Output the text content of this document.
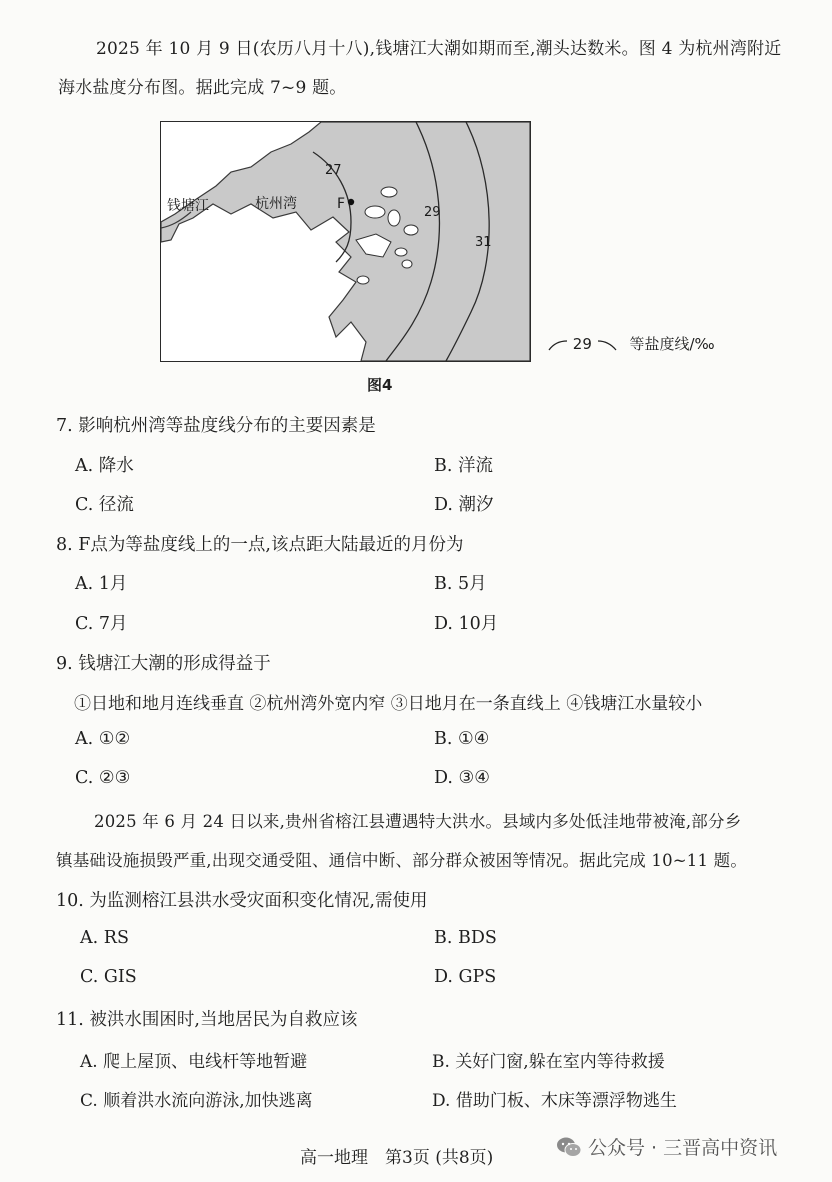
2025 年 10 月 9 日(农历八月十八),钱塘江大潮如期而至,潮头达数米。图 4 为杭州湾附近
海水盐度分布图。据此完成 7~9 题。
钱塘江	杭州湾	F
27
29
31
29	等盐度线/‰
图4
7. 影响杭州湾等盐度线分布的主要因素是
A. 降水	B. 洋流
C. 径流	D. 潮汐
8. F点为等盐度线上的一点,该点距大陆最近的月份为
A. 1月	B. 5月
C. 7月	D. 10月
9. 钱塘江大潮的形成得益于
①日地和地月连线垂直 ②杭州湾外宽内窄 ③日地月在一条直线上 ④钱塘江水量较小
A. ①②	B. ①④
C. ②③	D. ③④
2025 年 6 月 24 日以来,贵州省榕江县遭遇特大洪水。县域内多处低洼地带被淹,部分乡
镇基础设施损毁严重,出现交通受阻、通信中断、部分群众被困等情况。据此完成 10~11 题。
10. 为监测榕江县洪水受灾面积变化情况,需使用
A. RS	B. BDS
C. GIS	D. GPS
11. 被洪水围困时,当地居民为自救应该
A. 爬上屋顶、电线杆等地暂避	B. 关好门窗,躲在室内等待救援
C. 顺着洪水流向游泳,加快逃离	D. 借助门板、木床等漂浮物逃生
高一地理　第3页 (共8页)	公众号 · 三晋高中资讯
